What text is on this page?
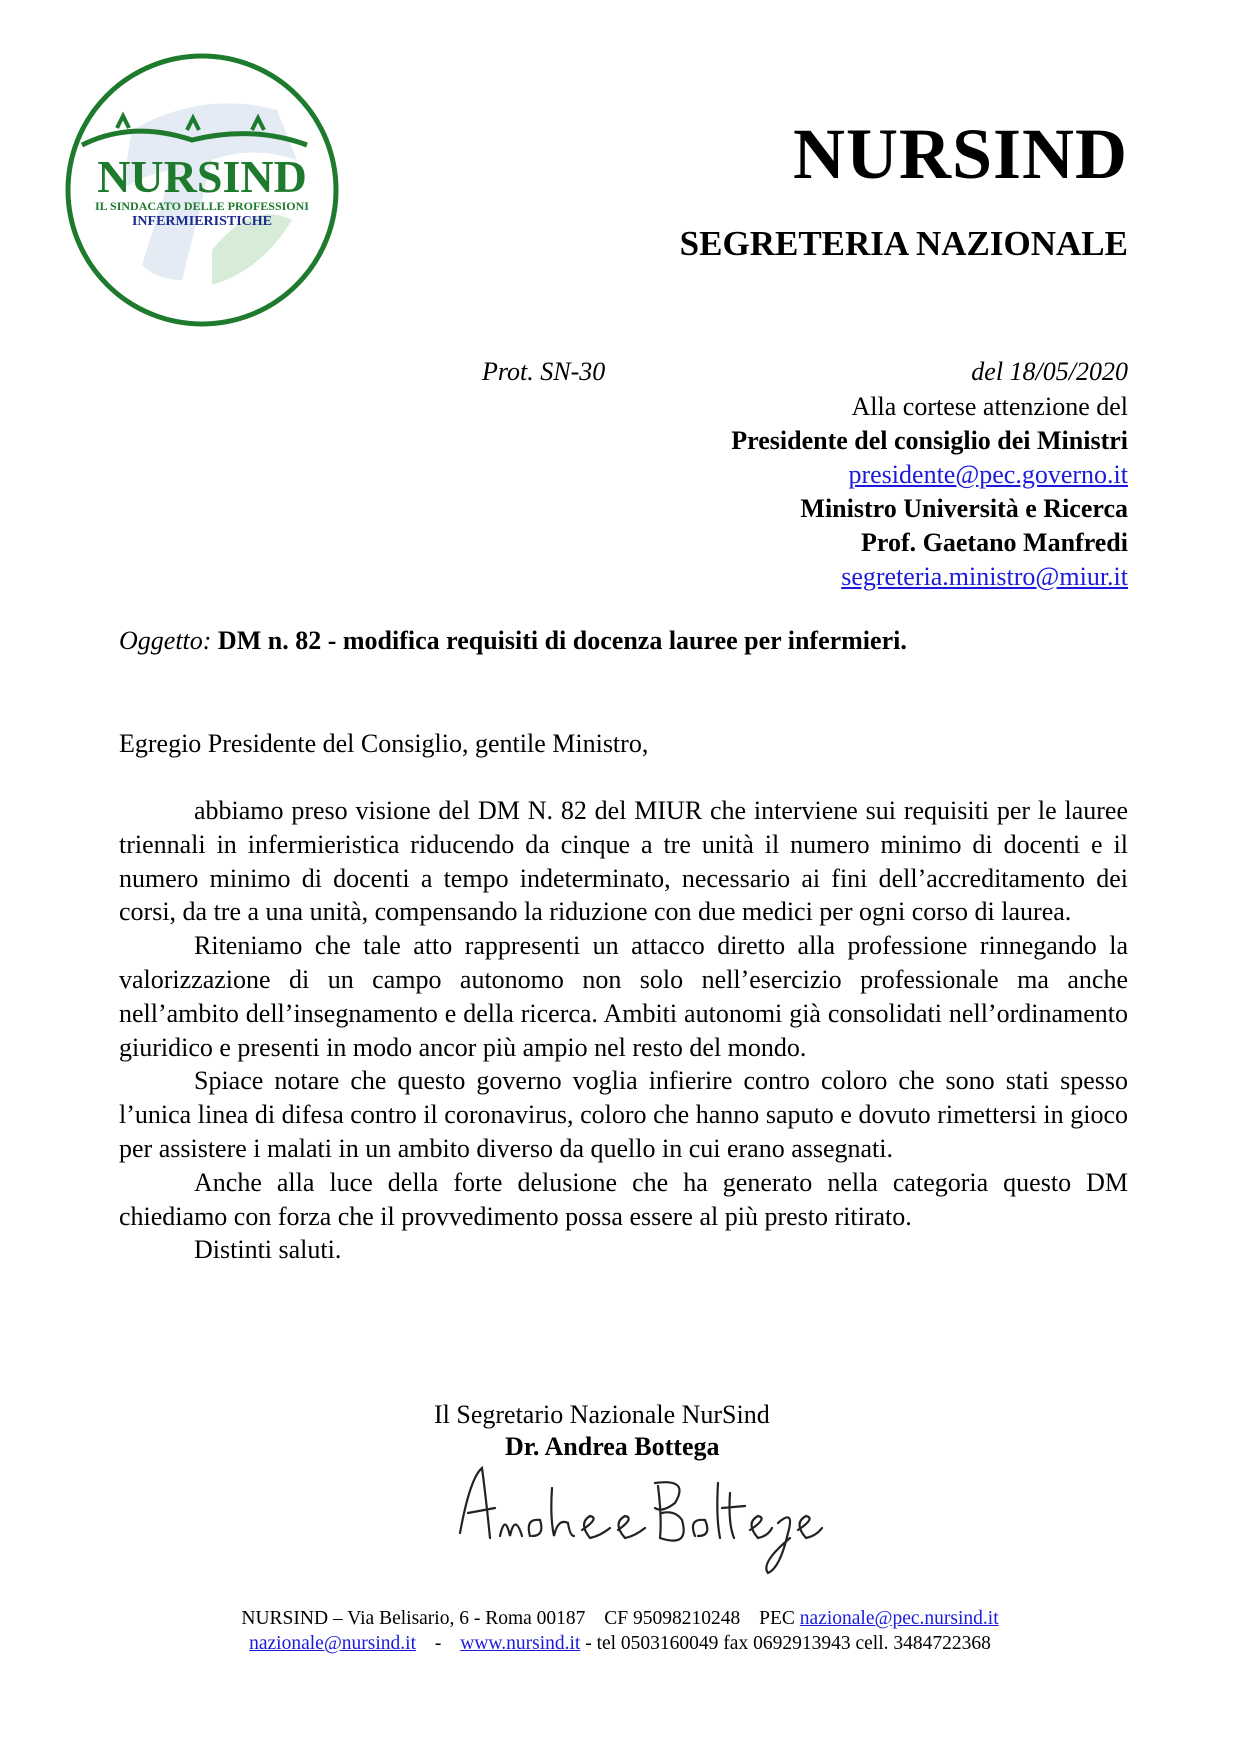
NURSIND
IL SINDACATO DELLE PROFESSIONI
INFERMIERISTICHE
NURSIND
SEGRETERIA NAZIONALE
Prot. SN-30	del 18/05/2020
Alla cortese attenzione del
Presidente del consiglio dei Ministri
presidente@pec.governo.it
Ministro Università e Ricerca
Prof. Gaetano Manfredi
segreteria.ministro@miur.it
Oggetto: DM n. 82 - modifica requisiti di docenza lauree per infermieri.
Egregio Presidente del Consiglio, gentile Ministro,

abbiamo preso visione del DM N. 82 del MIUR che interviene sui requisiti per le lauree triennali in infermieristica riducendo da cinque a tre unità il numero minimo di docenti e il numero minimo di docenti a tempo indeterminato, necessario ai fini dell’accreditamento dei corsi, da tre a una unità, compensando la riduzione con due medici per ogni corso di laurea.

Riteniamo che tale atto rappresenti un attacco diretto alla professione rinnegando la valorizzazione di un campo autonomo non solo nell’esercizio professionale ma anche nell’ambito dell’insegnamento e della ricerca. Ambiti autonomi già consolidati nell’ordinamento giuridico e presenti in modo ancor più ampio nel resto del mondo.

Spiace notare che questo governo voglia infierire contro coloro che sono stati spesso l’unica linea di difesa contro il coronavirus, coloro che hanno saputo e dovuto rimettersi in gioco per assistere i malati in un ambito diverso da quello in cui erano assegnati.

Anche alla luce della forte delusione che ha generato nella categoria questo DM chiediamo con forza che il provvedimento possa essere al più presto ritirato.

Distinti saluti.

Il Segretario Nazionale NurSind
Dr. Andrea Bottega
NURSIND – Via Belisario, 6 - Roma 00187 CF 95098210248 PEC nazionale@pec.nursind.it
nazionale@nursind.it - www.nursind.it - tel 0503160049 fax 0692913943 cell. 3484722368
